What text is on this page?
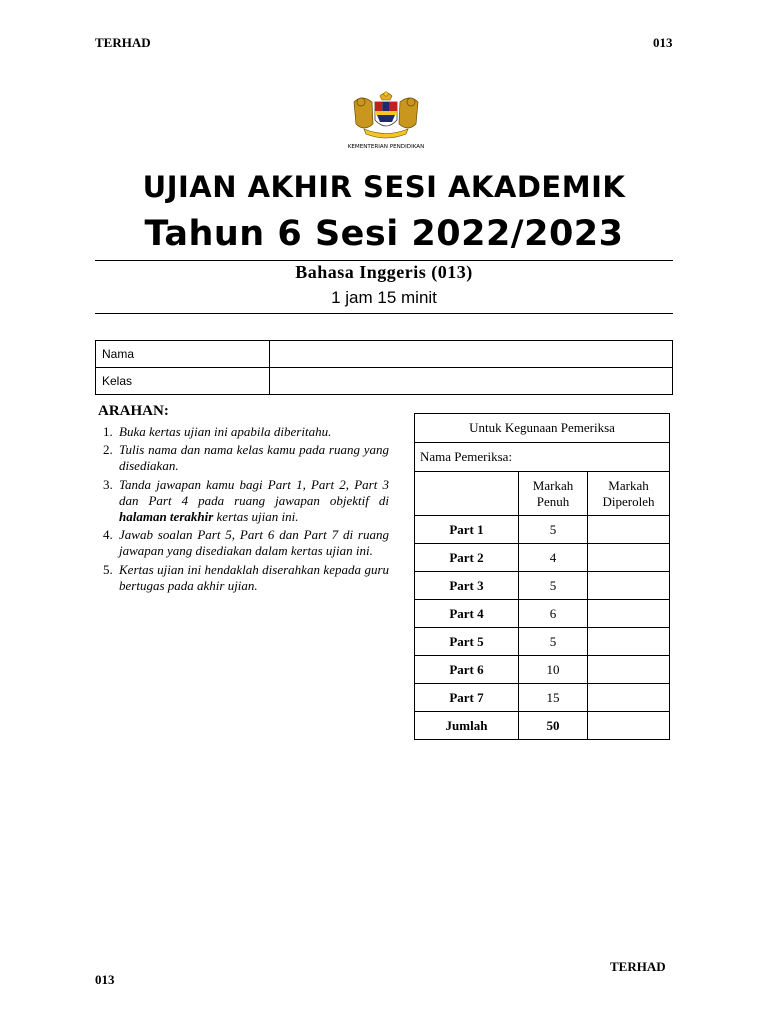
TERHAD	013
KEMENTERIAN PENDIDIKAN
UJIAN AKHIR SESI AKADEMIK
Tahun 6 Sesi 2022/2023
Bahasa Inggeris (013)
1 jam 15 minit
Nama	
Kelas	
ARAHAN:
1. Buka kertas ujian ini apabila diberitahu.
2. Tulis nama dan nama kelas kamu pada ruang yang disediakan.
3. Tanda jawapan kamu bagi Part 1, Part 2, Part 3 dan Part 4 pada ruang jawapan objektif di halaman terakhir kertas ujian ini.
4. Jawab soalan Part 5, Part 6 dan Part 7 di ruang jawapan yang disediakan dalam kertas ujian ini.
5. Kertas ujian ini hendaklah diserahkan kepada guru bertugas pada akhir ujian.
Untuk Kegunaan Pemeriksa		
Nama Pemeriksa:		
	Markah Penuh	Markah Diperoleh
Part 1	5	
Part 2	4	
Part 3	5	
Part 4	6	
Part 5	5	
Part 6	10	
Part 7	15	
Jumlah	50	
013
TERHAD
